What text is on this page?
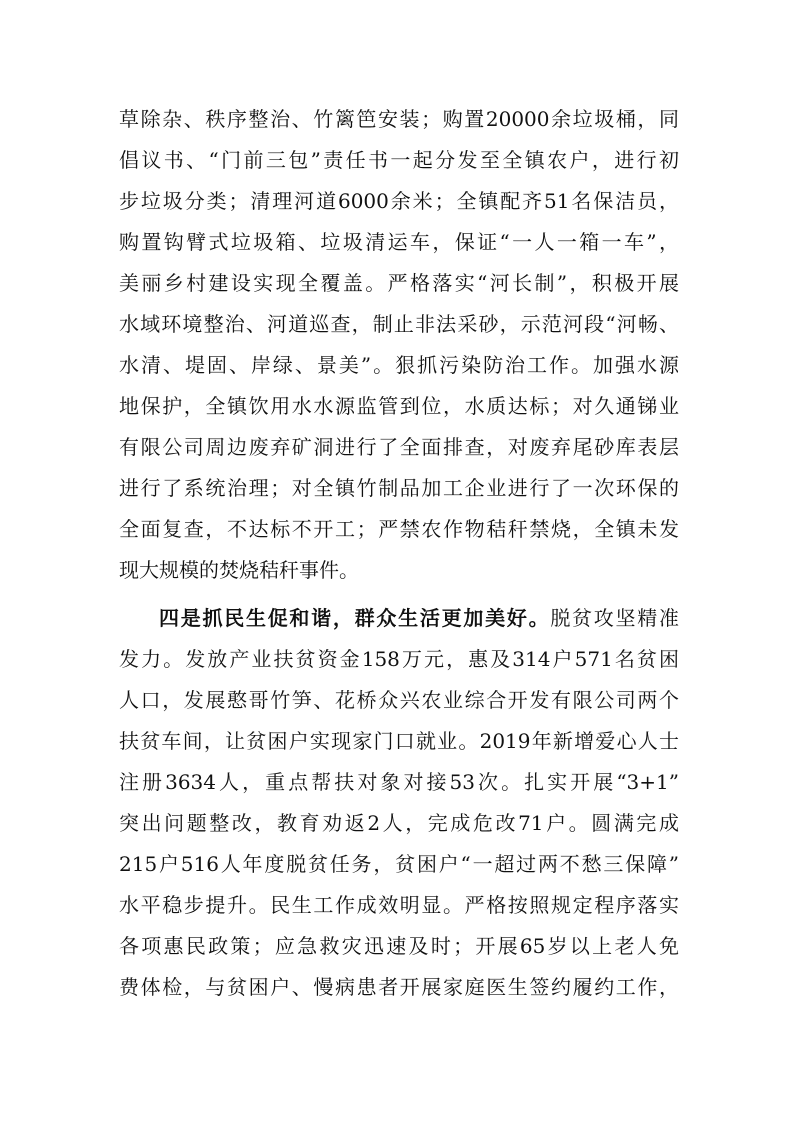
草除杂、秩序整治、竹篱笆安装；购置20000余垃圾桶，同
倡议书、“门前三包”责任书一起分发至全镇农户，进行初
步垃圾分类；清理河道6000余米；全镇配齐51名保洁员，
购置钩臂式垃圾箱、垃圾清运车，保证“一人一箱一车”，
美丽乡村建设实现全覆盖。严格落实“河长制”，积极开展
水域环境整治、河道巡查，制止非法采砂，示范河段“河畅、
水清、堤固、岸绿、景美”。狠抓污染防治工作。加强水源
地保护，全镇饮用水水源监管到位，水质达标；对久通锑业
有限公司周边废弃矿洞进行了全面排查，对废弃尾砂库表层
进行了系统治理；对全镇竹制品加工企业进行了一次环保的
全面复查，不达标不开工；严禁农作物秸秆禁烧，全镇未发
现大规模的焚烧秸秆事件。
四是抓民生促和谐，群众生活更加美好。脱贫攻坚精准
发力。发放产业扶贫资金158万元，惠及314户571名贫困
人口，发展憨哥竹笋、花桥众兴农业综合开发有限公司两个
扶贫车间，让贫困户实现家门口就业。2019年新增爱心人士
注册3634人，重点帮扶对象对接53次。扎实开展“3+1”
突出问题整改，教育劝返2人，完成危改71户。圆满完成
215户516人年度脱贫任务，贫困户“一超过两不愁三保障”
水平稳步提升。民生工作成效明显。严格按照规定程序落实
各项惠民政策；应急救灾迅速及时；开展65岁以上老人免
费体检，与贫困户、慢病患者开展家庭医生签约履约工作，
